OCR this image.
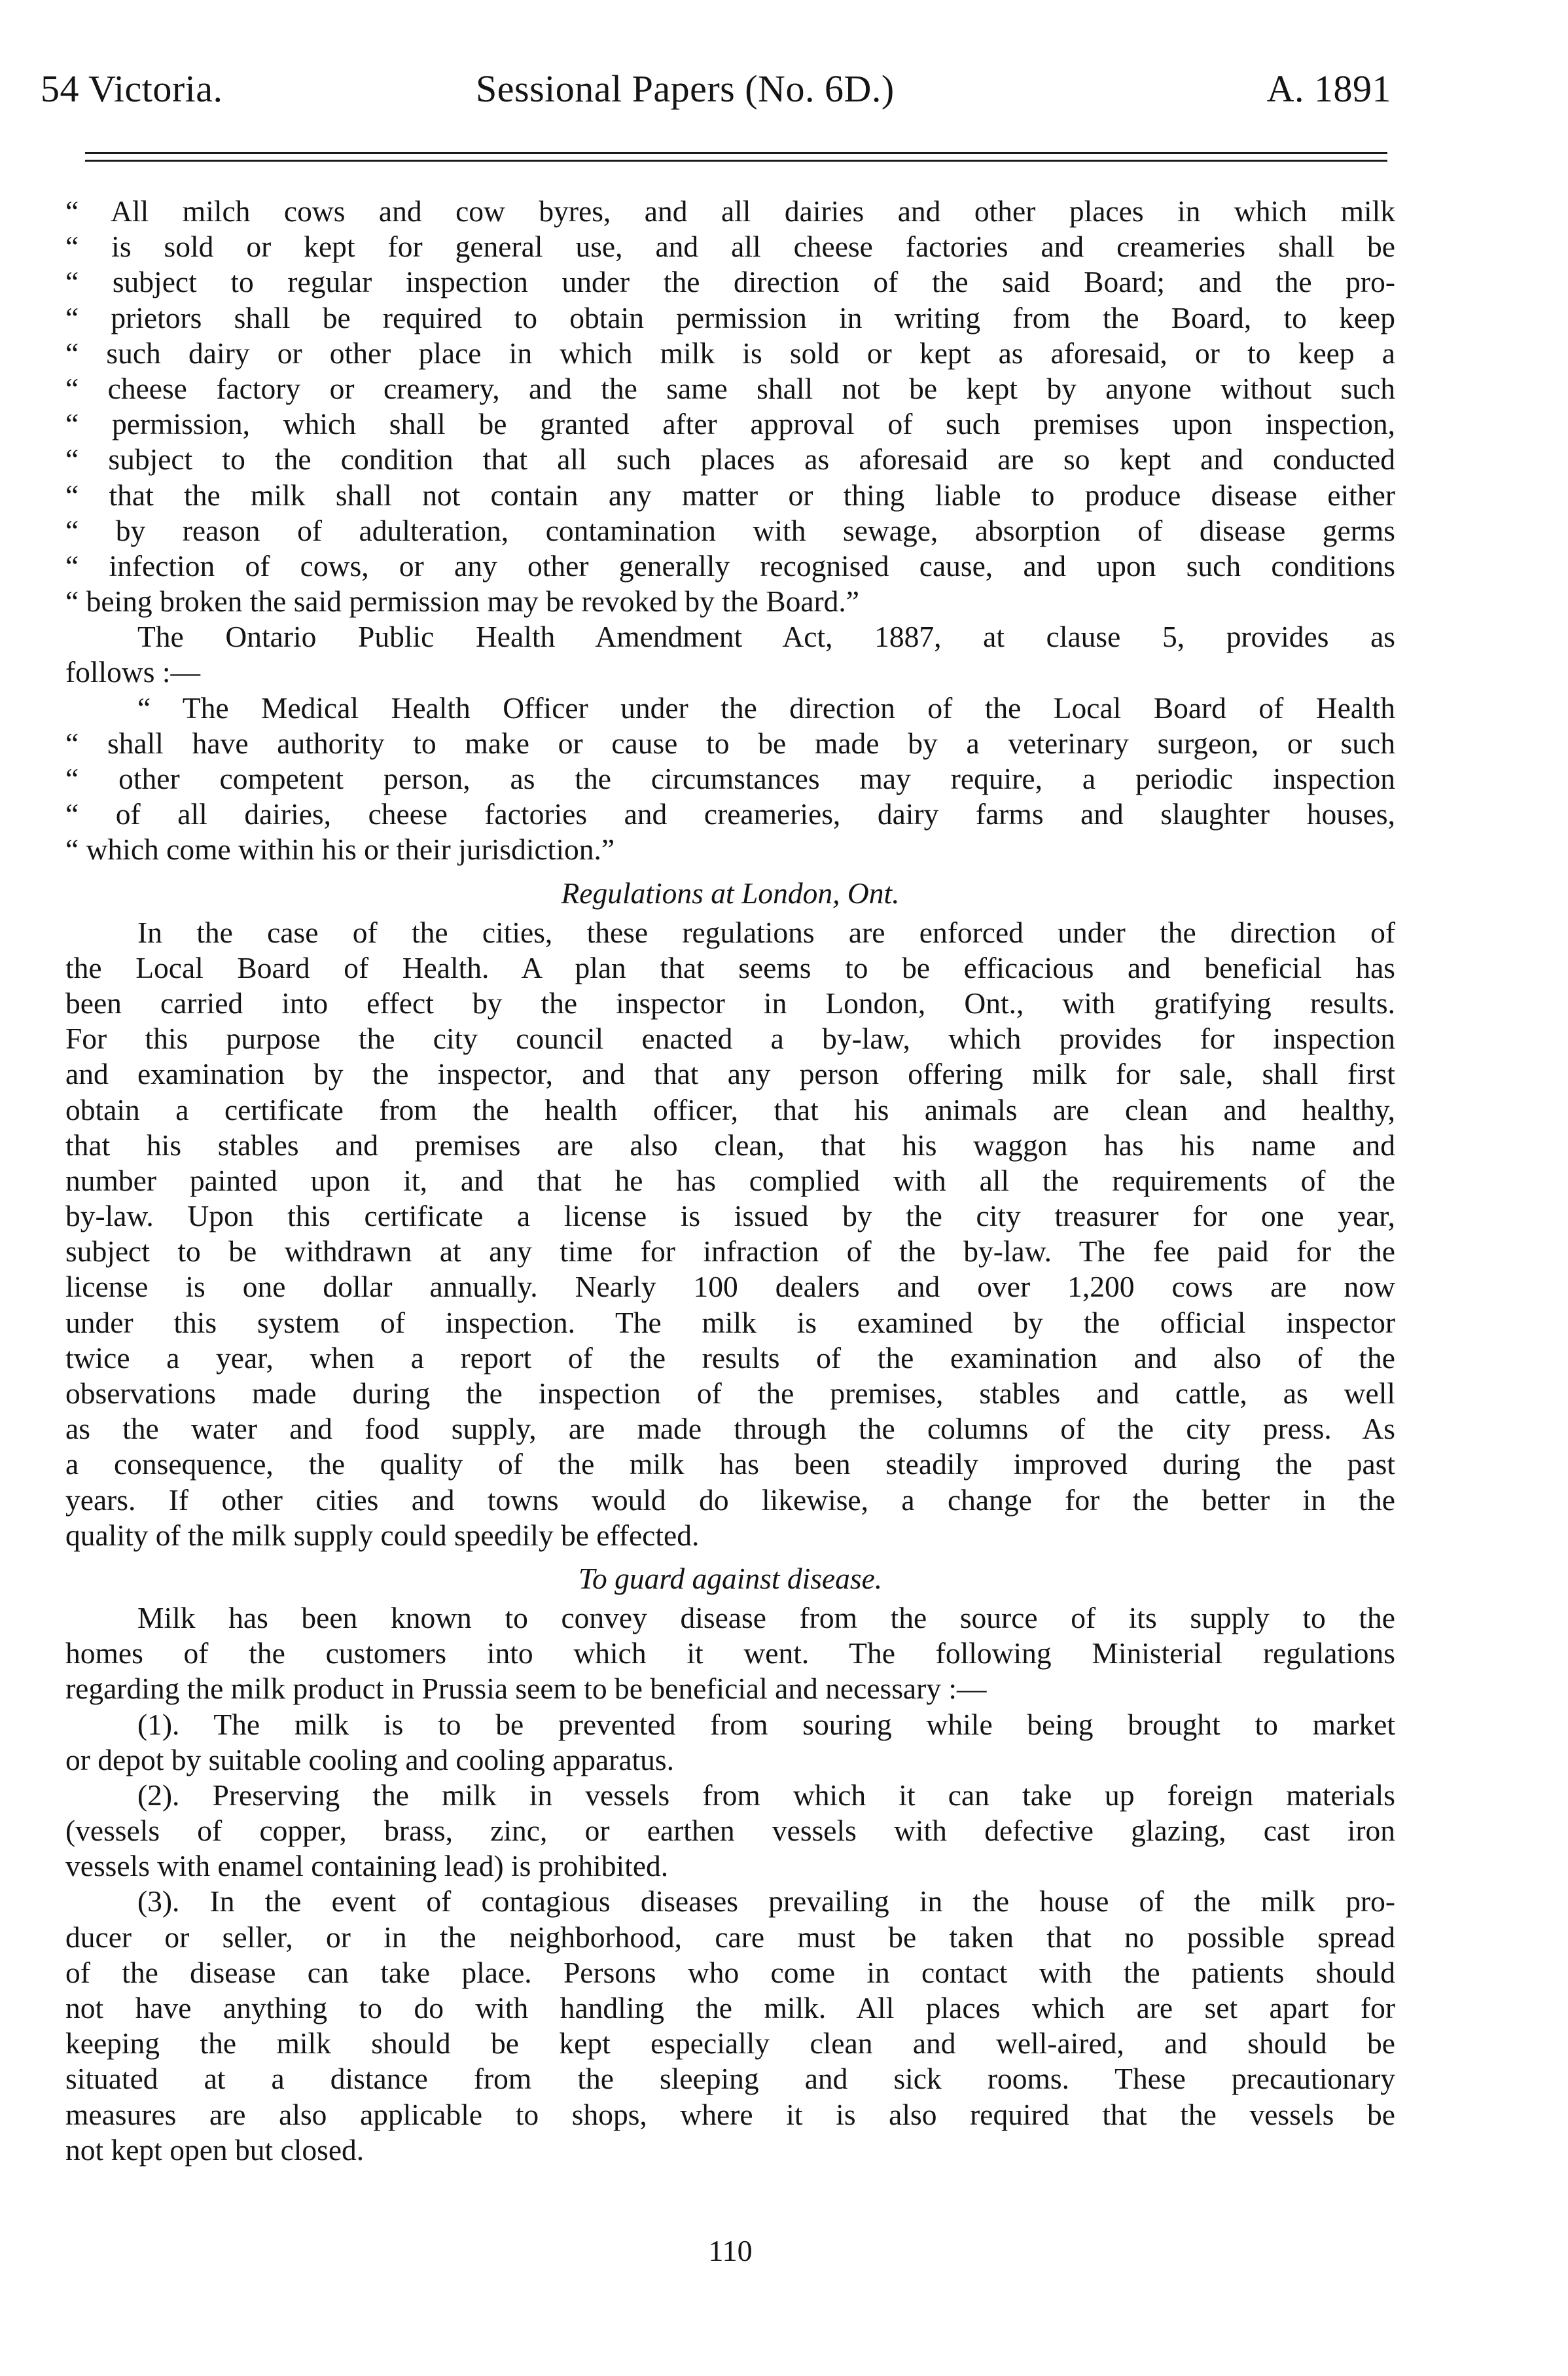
54 Victoria.	Sessional Papers (No. 6D.)	A. 1891
“ All milch cows and cow byres, and all dairies and other places in which milk
“ is sold or kept for general use, and all cheese factories and creameries shall be
“ subject to regular inspection under the direction of the said Board; and the pro-
“ prietors shall be required to obtain permission in writing from the Board, to keep
“ such dairy or other place in which milk is sold or kept as aforesaid, or to keep a
“ cheese factory or creamery, and the same shall not be kept by anyone without such
“ permission, which shall be granted after approval of such premises upon inspection,
“ subject to the condition that all such places as aforesaid are so kept and conducted
“ that the milk shall not contain any matter or thing liable to produce disease either
“ by reason of adulteration, contamination with sewage, absorption of disease germs
“ infection of cows, or any other generally recognised cause, and upon such conditions
“ being broken the said permission may be revoked by the Board.”
The Ontario Public Health Amendment Act, 1887, at clause 5, provides as
follows :—
“ The Medical Health Officer under the direction of the Local Board of Health
“ shall have authority to make or cause to be made by a veterinary surgeon, or such
“ other competent person, as the circumstances may require, a periodic inspection
“ of all dairies, cheese factories and creameries, dairy farms and slaughter houses,
“ which come within his or their jurisdiction.”
Regulations at London, Ont.
In the case of the cities, these regulations are enforced under the direction of
the Local Board of Health. A plan that seems to be efficacious and beneficial has
been carried into effect by the inspector in London, Ont., with gratifying results.
For this purpose the city council enacted a by-law, which provides for inspection
and examination by the inspector, and that any person offering milk for sale, shall first
obtain a certificate from the health officer, that his animals are clean and healthy,
that his stables and premises are also clean, that his waggon has his name and
number painted upon it, and that he has complied with all the requirements of the
by-law. Upon this certificate a license is issued by the city treasurer for one year,
subject to be withdrawn at any time for infraction of the by-law. The fee paid for the
license is one dollar annually. Nearly 100 dealers and over 1,200 cows are now
under this system of inspection. The milk is examined by the official inspector
twice a year, when a report of the results of the examination and also of the
observations made during the inspection of the premises, stables and cattle, as well
as the water and food supply, are made through the columns of the city press. As
a consequence, the quality of the milk has been steadily improved during the past
years. If other cities and towns would do likewise, a change for the better in the
quality of the milk supply could speedily be effected.
To guard against disease.
Milk has been known to convey disease from the source of its supply to the
homes of the customers into which it went. The following Ministerial regulations
regarding the milk product in Prussia seem to be beneficial and necessary :—
(1). The milk is to be prevented from souring while being brought to market
or depot by suitable cooling and cooling apparatus.
(2). Preserving the milk in vessels from which it can take up foreign materials
(vessels of copper, brass, zinc, or earthen vessels with defective glazing, cast iron
vessels with enamel containing lead) is prohibited.
(3). In the event of contagious diseases prevailing in the house of the milk pro-
ducer or seller, or in the neighborhood, care must be taken that no possible spread
of the disease can take place. Persons who come in contact with the patients should
not have anything to do with handling the milk. All places which are set apart for
keeping the milk should be kept especially clean and well-aired, and should be
situated at a distance from the sleeping and sick rooms. These precautionary
measures are also applicable to shops, where it is also required that the vessels be
not kept open but closed.
110
